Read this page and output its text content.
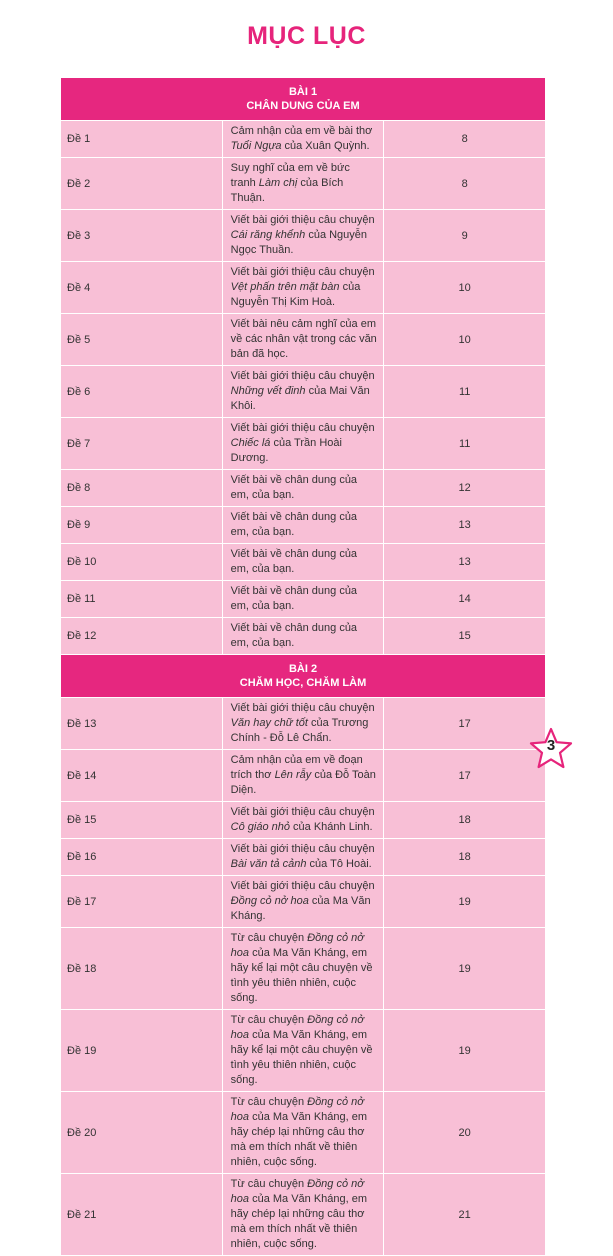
MỤC LỤC
BÀI 1
CHÂN DUNG CỦA EM		

Đề 1	Cảm nhận của em về bài thơ Tuổi Ngựa của Xuân Quỳnh.	8
Đề 2	Suy nghĩ của em về bức tranh Làm chị của Bích Thuận.	8
Đề 3	Viết bài giới thiệu câu chuyện Cái răng khểnh của Nguyễn Ngọc Thuần.	9
Đề 4	Viết bài giới thiệu câu chuyện Vệt phấn trên mặt bàn của Nguyễn Thị Kim Hoà.	10
Đề 5	Viết bài nêu cảm nghĩ của em về các nhân vật trong các văn bản đã học.	10
Đề 6	Viết bài giới thiệu câu chuyện Những vết đinh của Mai Văn Khôi.	11
Đề 7	Viết bài giới thiệu câu chuyện Chiếc lá của Trần Hoài Dương.	11
Đề 8	Viết bài về chân dung của em, của bạn.	12
Đề 9	Viết bài về chân dung của em, của bạn.	13
Đề 10	Viết bài về chân dung của em, của bạn.	13
Đề 11	Viết bài về chân dung của em, của bạn.	14
Đề 12	Viết bài về chân dung của em, của bạn.	15

BÀI 2
CHĂM HỌC, CHĂM LÀM		

Đề 13	Viết bài giới thiệu câu chuyện Văn hay chữ tốt của Trương Chính - Đỗ Lê Chẩn.	17
Đề 14	Cảm nhận của em về đoạn trích thơ Lên rẫy của Đỗ Toàn Diện.	17
Đề 15	Viết bài giới thiệu câu chuyện Cô giáo nhỏ của Khánh Linh.	18
Đề 16	Viết bài giới thiệu câu chuyện Bài văn tả cảnh của Tô Hoài.	18
Đề 17	Viết bài giới thiệu câu chuyện Đồng cỏ nở hoa của Ma Văn Kháng.	19
Đề 18	Từ câu chuyện Đồng cỏ nở hoa của Ma Văn Kháng, em hãy kể lại một câu chuyện về tình yêu thiên nhiên, cuộc sống.	19
Đề 19	Từ câu chuyện Đồng cỏ nở hoa của Ma Văn Kháng, em hãy kể lại một câu chuyện về tình yêu thiên nhiên, cuộc sống.	19
Đề 20	Từ câu chuyện Đồng cỏ nở hoa của Ma Văn Kháng, em hãy chép lại những câu thơ mà em thích nhất về thiên nhiên, cuộc sống.	20
Đề 21	Từ câu chuyện Đồng cỏ nở hoa của Ma Văn Kháng, em hãy chép lại những câu thơ mà em thích nhất về thiên nhiên, cuộc sống.	21
3
